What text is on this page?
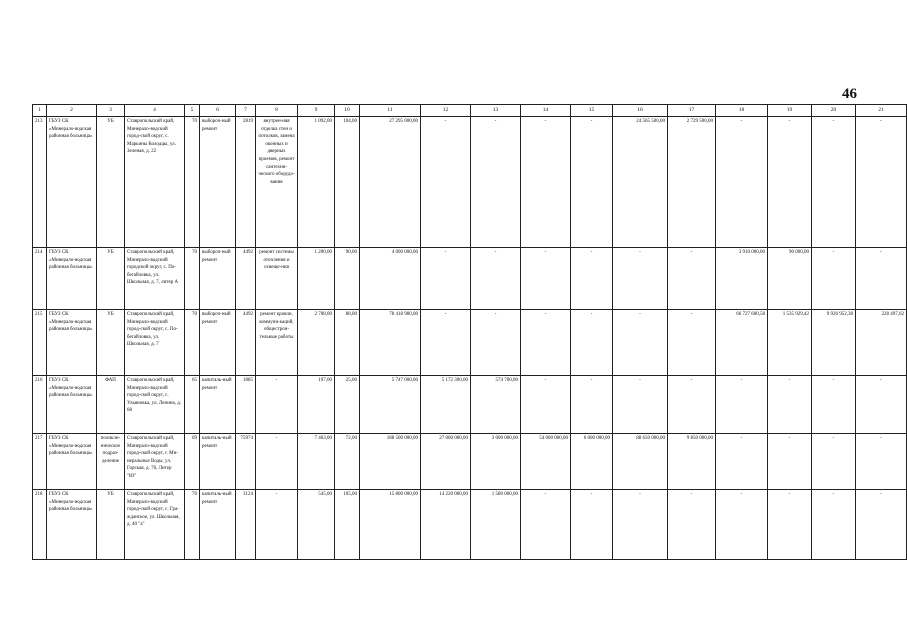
46
1	2	3	4	5	6	7	8	9	10	11	12	13	14	15	16	17	18	19	20	21
213	ГБУЗ СК «Минерало-водская районная больница»	УБ	Ставропольский край, Минерало-водский город-ской округ, с. Марьины Колодцы, ул. Зеленая, д. 22	70	выбороч-ный ремонт	2819	внутрен-няя отделка стен и потолков, замена оконных и дверных проемов, ремонт сантехни-ческого оборудо-вания	1 092,00	104,00	27 295 000,00	-	-	-	-	24 565 500,00	2 729 500,00	-	-	-	-
214	ГБУЗ СК «Минерало-водская районная больница»	УБ	Ставропольский край, Минерало-водский городской округ, с. По-бегайловка, ул. Школьная, д. 7, литер А	70	выбороч-ный ремонт	4492	ремонт системы отопления и освеще-ния	1 200,00	90,00	4 000 000,00	-	-	-	-	-	-	3 910 000,00	90 000,00	-	-
215	ГБУЗ СК «Минерало-водская районная больница»	УБ	Ставропольский край, Минерало-водский город-ской округ, с. По-бегайловка, ул. Школьная, д. 7	70	выбороч-ный ремонт	4492	ремонт кровли, коммуни-каций, общестрои-тельные работы	2 708,00	88,00	78 418 980,00	-	-	-	-	-	-	66 727 600,58	1 535 929,42	9 926 952,38	228 497,62
216	ГБУЗ СК «Минерало-водская районная больница»	ФАП	Ставропольский край, Минерало-водский город-ской округ, с. Ульяновка, ул. Ленина, д. 68	65	капиталь-ный ремонт	1885	-	197,00	25,00	5 747 000,00	5 172 300,00	574 700,00	-	-	-	-	-	-	-	-
217	ГБУЗ СК «Минерало-водская районная больница»	поликли-ническое подраз-деление	Ставропольский край, Минерало-водский город-ской округ, г. Ми-неральные Воды, ул. Горская, д. 76, Литер "Ю"	69	капиталь-ный ремонт	75974	-	7 463,00	72,00	188 500 000,00	27 000 000,00	3 000 000,00	54 000 000,00	6 000 000,00	88 650 000,00	9 850 000,00	-	-	-	-
218	ГБУЗ СК «Минерало-водская районная больница»	УБ	Ставропольский край, Минерало-водский город-ской округ, с. Гра-жданское, ул. Школьная, д. 40 "а"	76	капиталь-ный ремонт	3124	-	545,00	105,00	15 800 000,00	14 220 000,00	1 580 000,00	-	-	-	-	-	-	-	-
